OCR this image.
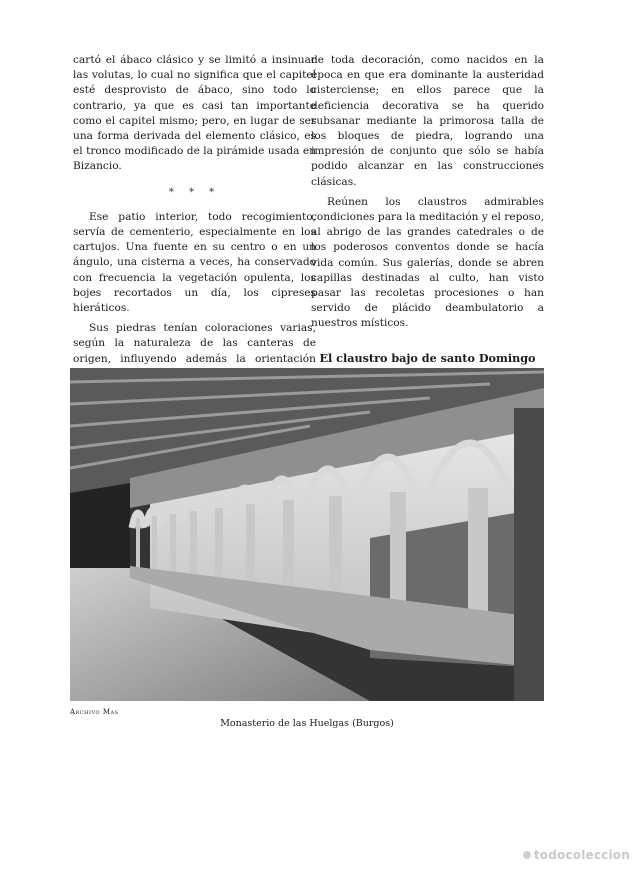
cartó el ábaco clásico y se limitó a insinuar las volutas, lo cual no significa que el capitel esté desprovisto de ábaco, sino todo lo contrario, ya que es casi tan importante como el capitel mismo; pero, en lugar de ser una forma derivada del elemento clásico, es el tronco modificado de la pirámide usada en Bizancio.

* * *

Ese patio interior, todo recogimiento, servía de cementerio, especialmente en los cartujos. Una fuente en su centro o en un ángulo, una cisterna a veces, ha conservado con frecuencia la vegetación opulenta, los bojes recortados un día, los cipreses hieráticos.

Sus piedras tenían coloraciones varias, según la naturaleza de las canteras de origen, influyendo además la orientación

de toda decoración, como nacidos en la época en que era dominante la austeridad cisterciense; en ellos parece que la deficiencia decorativa se ha querido subsanar mediante la primorosa talla de los bloques de piedra, logrando una impresión de conjunto que sólo se había podido alcanzar en las construcciones clásicas.

Reúnen los claustros admirables condiciones para la meditación y el reposo, al abrigo de las grandes catedrales o de los poderosos conventos donde se hacía vida común. Sus galerías, donde se abren capillas destinadas al culto, han visto pasar las recoletas procesiones o han servido de plácido deambulatorio a nuestros místicos.

El claustro bajo de santo Domingo

Archivo Mas
Monasterio de las Huelgas (Burgos)
todocoleccion
